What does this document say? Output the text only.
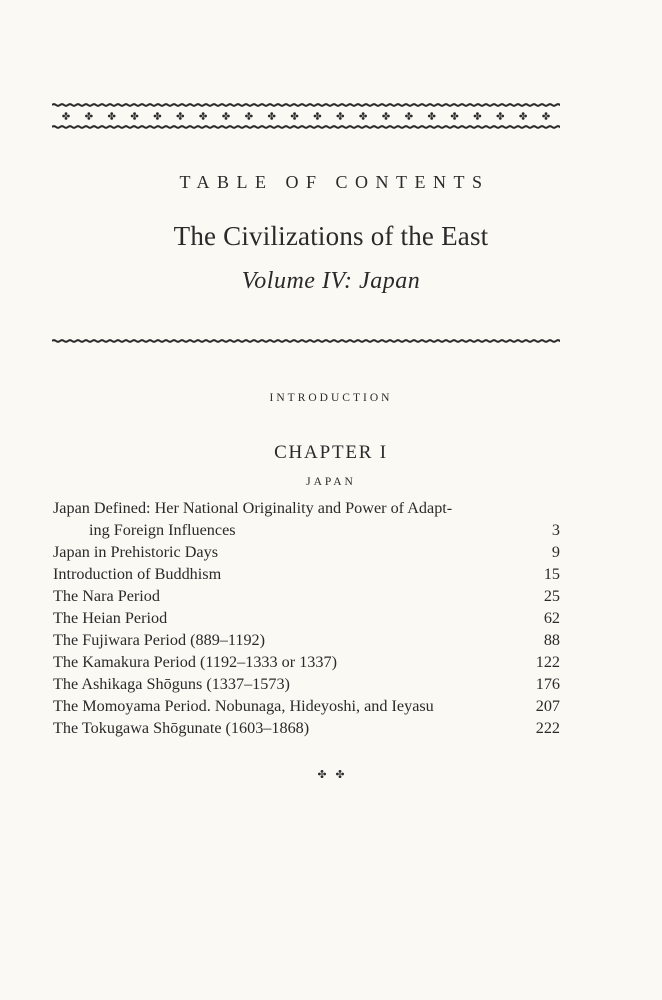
TABLE OF CONTENTS
The Civilizations of the East
Volume IV: Japan
INTRODUCTION
CHAPTER I
JAPAN
Japan Defined: Her National Originality and Power of Adapt-
ing Foreign Influences	3
Japan in Prehistoric Days	9
Introduction of Buddhism	15
The Nara Period	25
The Heian Period	62
The Fujiwara Period (889–1192)	88
The Kamakura Period (1192–1333 or 1337)	122
The Ashikaga Shōguns (1337–1573)	176
The Momoyama Period. Nobunaga, Hideyoshi, and Ieyasu	207
The Tokugawa Shōgunate (1603–1868)	222
